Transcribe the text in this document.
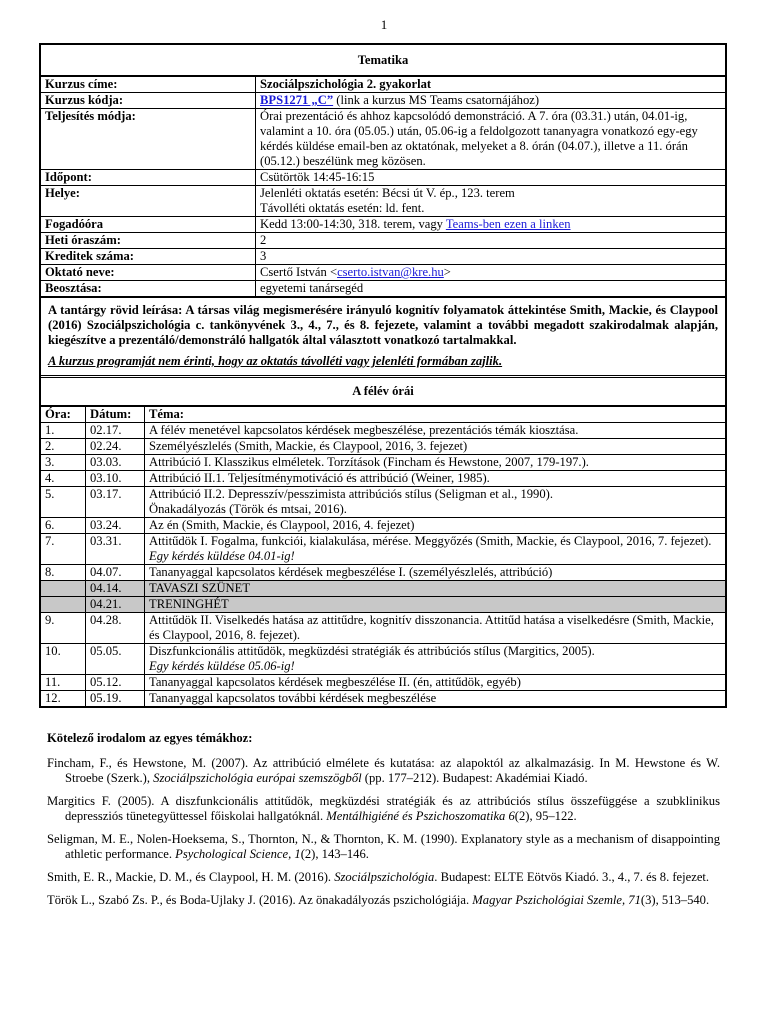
1
Tematika
Kurzus címe:	Szociálpszichológia 2. gyakorlat
Kurzus kódja:	BPS1271 „C” (link a kurzus MS Teams csatornájához)
Teljesítés módja:	Órai prezentáció és ahhoz kapcsolódó demonstráció. A 7. óra (03.31.) után, 04.01-ig, valamint a 10. óra (05.05.) után, 05.06-ig a feldolgozott tananyagra vonatkozó egy-egy kérdés küldése email-ben az oktatónak, melyeket a 8. órán (04.07.), illetve a 11. órán (05.12.) beszélünk meg közösen.
Időpont:	Csütörtök 14:45-16:15
Helye:	Jelenléti oktatás esetén: Bécsi út V. ép., 123. terem
Távolléti oktatás esetén: ld. fent.

Fogadóóra	Kedd 13:00-14:30, 318. terem, vagy Teams-ben ezen a linken
Heti óraszám:	2
Kreditek száma:	3
Oktató neve:	Csertő István <cserto.istvan@kre.hu>
Beosztása:	egyetemi tanársegéd

A tantárgy rövid leírása: A társas világ megismerésére irányuló kognitív folyamatok áttekintése Smith, Mackie, és Claypool (2016) Szociálpszichológia c. tankönyvének 3., 4., 7., és 8. fejezete, valamint a további megadott szakirodalmak alapján, kiegészítve a prezentáló/demonstráló hallgatók által választott vonatkozó tartalmakkal.

A kurzus programját nem érinti, hogy az oktatás távolléti vagy jelenléti formában zajlik.

A félév órái
Óra:	Dátum:	Téma:
1.	02.17.	A félév menetével kapcsolatos kérdések megbeszélése, prezentációs témák kiosztása.
2.	02.24.	Személyészlelés (Smith, Mackie, és Claypool, 2016, 3. fejezet)
3.	03.03.	Attribúció I. Klasszikus elméletek. Torzítások (Fincham és Hewstone, 2007, 179-197.).
4.	03.10.	Attribúció II.1. Teljesítménymotiváció és attribúció (Weiner, 1985).
5.	03.17.	Attribúció II.2. Depresszív/pesszimista attribúciós stílus (Seligman et al., 1990).
Önakadályozás (Török és mtsai, 2016).

6.	03.24.	Az én (Smith, Mackie, és Claypool, 2016, 4. fejezet)
7.	03.31.	Attitűdök I. Fogalma, funkciói, kialakulása, mérése. Meggyőzés (Smith, Mackie, és Claypool, 2016, 7. fejezet). Egy kérdés küldése 04.01-ig!
8.	04.07.	Tananyaggal kapcsolatos kérdések megbeszélése I. (személyészlelés, attribúció)
	04.14.	TAVASZI SZÜNET
	04.21.	TRENINGHÉT
9.	04.28.	Attitűdök II. Viselkedés hatása az attitűdre, kognitív disszonancia. Attitűd hatása a viselkedésre (Smith, Mackie, és Claypool, 2016, 8. fejezet).
10.	05.05.	Diszfunkcionális attitűdök, megküzdési stratégiák és attribúciós stílus (Margitics, 2005).
Egy kérdés küldése 05.06-ig!

11.	05.12.	Tananyaggal kapcsolatos kérdések megbeszélése II. (én, attitűdök, egyéb)
12.	05.19.	Tananyaggal kapcsolatos további kérdések megbeszélése
Kötelező irodalom az egyes témákhoz:
Fincham, F., és Hewstone, M. (2007). Az attribúció elmélete és kutatása: az alapoktól az alkalmazásig. In M. Hewstone és W. Stroebe (Szerk.), Szociálpszichológia európai szemszögből (pp. 177–212). Budapest: Akadémiai Kiadó.
Margitics F. (2005). A diszfunkcionális attitűdök, megküzdési stratégiák és az attribúciós stílus összefüggése a szubklinikus depressziós tünetegyüttessel főiskolai hallgatóknál. Mentálhigiéné és Pszichoszomatika 6(2), 95–122.
Seligman, M. E., Nolen-Hoeksema, S., Thornton, N., & Thornton, K. M. (1990). Explanatory style as a mechanism of disappointing athletic performance. Psychological Science, 1(2), 143–146.
Smith, E. R., Mackie, D. M., és Claypool, H. M. (2016). Szociálpszichológia. Budapest: ELTE Eötvös Kiadó. 3., 4., 7. és 8. fejezet.
Török L., Szabó Zs. P., és Boda-Ujlaky J. (2016). Az önakadályozás pszichológiája. Magyar Pszichológiai Szemle, 71(3), 513–540.
